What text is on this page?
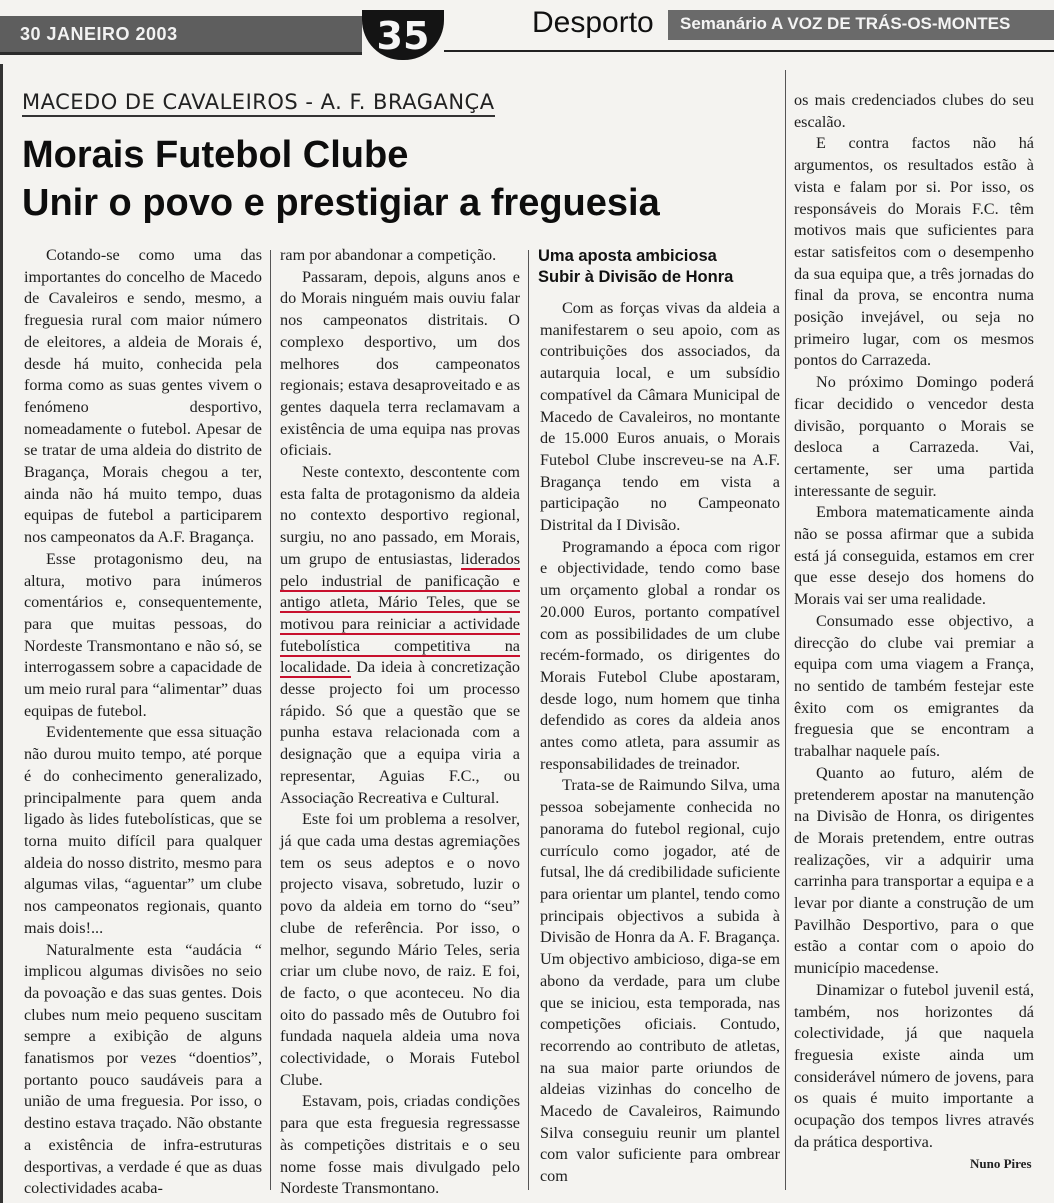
30 JANEIRO 2003	35	Desporto Semanário A VOZ DE TRÁS-OS-MONTES
MACEDO DE CAVALEIROS - A. F. BRAGANÇA
Morais Futebol Clube
Unir o povo e prestigiar a freguesia

Cotando-se como uma das importantes do concelho de Macedo de Cavaleiros e sendo, mesmo, a freguesia rural com maior número de eleitores, a aldeia de Morais é, desde há muito, conhecida pela forma como as suas gentes vivem o fenómeno desportivo, nomeadamente o futebol. Apesar de se tratar de uma aldeia do distrito de Bragança, Morais chegou a ter, ainda não há muito tempo, duas equipas de futebol a participarem nos campeonatos da A.F. Bragança.

Esse protagonismo deu, na altura, motivo para inúmeros comentários e, consequentemente, para que muitas pessoas, do Nordeste Transmontano e não só, se interrogassem sobre a capacidade de um meio rural para “alimentar” duas equipas de futebol.

Evidentemente que essa situação não durou muito tempo, até porque é do conhecimento generalizado, principalmente para quem anda ligado às lides futebolísticas, que se torna muito difícil para qualquer aldeia do nosso distrito, mesmo para algumas vilas, “aguentar” um clube nos campeonatos regionais, quanto mais dois!...

Naturalmente esta “audácia “ implicou algumas divisões no seio da povoação e das suas gentes. Dois clubes num meio pequeno suscitam sempre a exibição de alguns fanatismos por vezes “doentios”, portanto pouco saudáveis para a união de uma freguesia. Por isso, o destino estava traçado. Não obstante a existência de infra-estruturas desportivas, a verdade é que as duas colectividades acaba-

ram por abandonar a competição.

Passaram, depois, alguns anos e do Morais ninguém mais ouviu falar nos campeonatos distritais. O complexo desportivo, um dos melhores dos campeonatos regionais; estava desaproveitado e as gentes daquela terra reclamavam a existência de uma equipa nas provas oficiais.

Neste contexto, descontente com esta falta de protagonismo da aldeia no contexto desportivo regional, surgiu, no ano passado, em Morais, um grupo de entusiastas, liderados pelo industrial de panificação e antigo atleta, Mário Teles, que se motivou para reiniciar a actividade futebolística competitiva na localidade. Da ideia à concretização desse projecto foi um processo rápido. Só que a questão que se punha estava relacionada com a designação que a equipa viria a representar, Aguias F.C., ou Associação Recreativa e Cultural.

Este foi um problema a resolver, já que cada uma destas agremiações tem os seus adeptos e o novo projecto visava, sobretudo, luzir o povo da aldeia em torno do “seu” clube de referência. Por isso, o melhor, segundo Mário Teles, seria criar um clube novo, de raiz. E foi, de facto, o que aconteceu. No dia oito do passado mês de Outubro foi fundada naquela aldeia uma nova colectividade, o Morais Futebol Clube.

Estavam, pois, criadas condições para que esta freguesia regressasse às competições distritais e o seu nome fosse mais divulgado pelo Nordeste Transmontano.

Uma aposta ambiciosa
Subir à Divisão de Honra

Com as forças vivas da aldeia a manifestarem o seu apoio, com as contribuições dos associados, da autarquia local, e um subsídio compatível da Câmara Municipal de Macedo de Cavaleiros, no montante de 15.000 Euros anuais, o Morais Futebol Clube inscreveu-se na A.F. Bragança tendo em vista a participação no Campeonato Distrital da I Divisão.

Programando a época com rigor e objectividade, tendo como base um orçamento global a rondar os 20.000 Euros, portanto compatível com as possibilidades de um clube recém-formado, os dirigentes do Morais Futebol Clube apostaram, desde logo, num homem que tinha defendido as cores da aldeia anos antes como atleta, para assumir as responsabilidades de treinador.

Trata-se de Raimundo Silva, uma pessoa sobejamente conhecida no panorama do futebol regional, cujo currículo como jogador, até de futsal, lhe dá credibilidade suficiente para orientar um plantel, tendo como principais objectivos a subida à Divisão de Honra da A. F. Bragança. Um objectivo ambicioso, diga-se em abono da verdade, para um clube que se iniciou, esta temporada, nas competições oficiais. Contudo, recorrendo ao contributo de atletas, na sua maior parte oriundos de aldeias vizinhas do concelho de Macedo de Cavaleiros, Raimundo Silva conseguiu reunir um plantel com valor suficiente para ombrear com

os mais credenciados clubes do seu escalão.

E contra factos não há argumentos, os resultados estão à vista e falam por si. Por isso, os responsáveis do Morais F.C. têm motivos mais que suficientes para estar satisfeitos com o desempenho da sua equipa que, a três jornadas do final da prova, se encontra numa posição invejável, ou seja no primeiro lugar, com os mesmos pontos do Carrazeda.

No próximo Domingo poderá ficar decidido o vencedor desta divisão, porquanto o Morais se desloca a Carrazeda. Vai, certamente, ser uma partida interessante de seguir.

Embora matematicamente ainda não se possa afirmar que a subida está já conseguida, estamos em crer que esse desejo dos homens do Morais vai ser uma realidade.

Consumado esse objectivo, a direcção do clube vai premiar a equipa com uma viagem a França, no sentido de também festejar este êxito com os emigrantes da freguesia que se encontram a trabalhar naquele país.

Quanto ao futuro, além de pretenderem apostar na manutenção na Divisão de Honra, os dirigentes de Morais pretendem, entre outras realizações, vir a adquirir uma carrinha para transportar a equipa e a levar por diante a construção de um Pavilhão Desportivo, para o que estão a contar com o apoio do município macedense.

Dinamizar o futebol juvenil está, também, nos horizontes dá colectividade, já que naquela freguesia existe ainda um considerável número de jovens, para os quais é muito importante a ocupação dos tempos livres através da prática desportiva.

Nuno Pires
